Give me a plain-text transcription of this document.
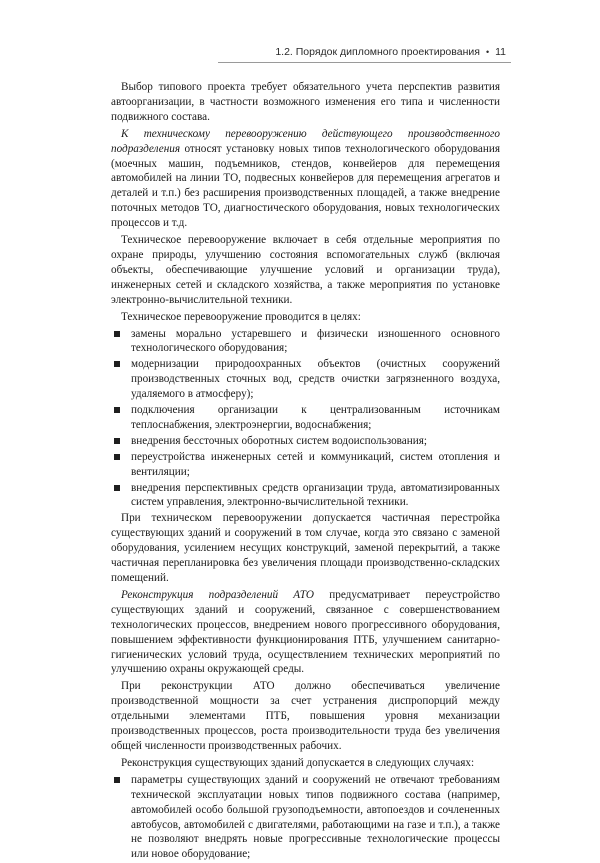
1.2. Порядок дипломного проектирования • 11

Выбор типового проекта требует обязательного учета перспектив развития автоорганизации, в частности возможного изменения его типа и численности подвижного состава.

К техническому перевооружению действующего производственного подразделения относят установку новых типов технологического оборудования (моечных машин, подъемников, стендов, конвейеров для перемещения автомобилей на линии ТО, подвесных конвейеров для перемещения агрегатов и деталей и т.п.) без расширения производственных площадей, а также внедрение поточных методов ТО, диагностического оборудования, новых технологических процессов и т.д.

Техническое перевооружение включает в себя отдельные мероприятия по охране природы, улучшению состояния вспомогательных служб (включая объекты, обеспечивающие улучшение условий и организации труда), инженерных сетей и складского хозяйства, а также мероприятия по установке электронно-вычислительной техники.

Техническое перевооружение проводится в целях:

замены морально устаревшего и физически изношенного основного технологического оборудования;
модернизации природоохранных объектов (очистных сооружений производственных сточных вод, средств очистки загрязненного воздуха, удаляемого в атмосферу);
подключения организации к централизованным источникам теплоснабжения, электроэнергии, водоснабжения;
внедрения бессточных оборотных систем водоиспользования;
переустройства инженерных сетей и коммуникаций, систем отопления и вентиляции;
внедрения перспективных средств организации труда, автоматизированных систем управления, электронно-вычислительной техники.

При техническом перевооружении допускается частичная перестройка существующих зданий и сооружений в том случае, когда это связано с заменой оборудования, усилением несущих конструкций, заменой перекрытий, а также частичная перепланировка без увеличения площади производственно-складских помещений.

Реконструкция подразделений АТО предусматривает переустройство существующих зданий и сооружений, связанное с совершенствованием технологических процессов, внедрением нового прогрессивного оборудования, повышением эффективности функционирования ПТБ, улучшением санитарно-гигиенических условий труда, осуществлением технических мероприятий по улучшению охраны окружающей среды.

При реконструкции АТО должно обеспечиваться увеличение производственной мощности за счет устранения диспропорций между отдельными элементами ПТБ, повышения уровня механизации производственных процессов, роста производительности труда без увеличения общей численности производственных рабочих.

Реконструкция существующих зданий допускается в следующих случаях:

параметры существующих зданий и сооружений не отвечают требованиям технической эксплуатации новых типов подвижного состава (например, автомобилей особо большой грузоподъемности, автопоездов и сочлененных автобусов, автомобилей с двигателями, работающими на газе и т.п.), а также не позволяют внедрять новые прогрессивные технологические процессы или новое оборудование;
